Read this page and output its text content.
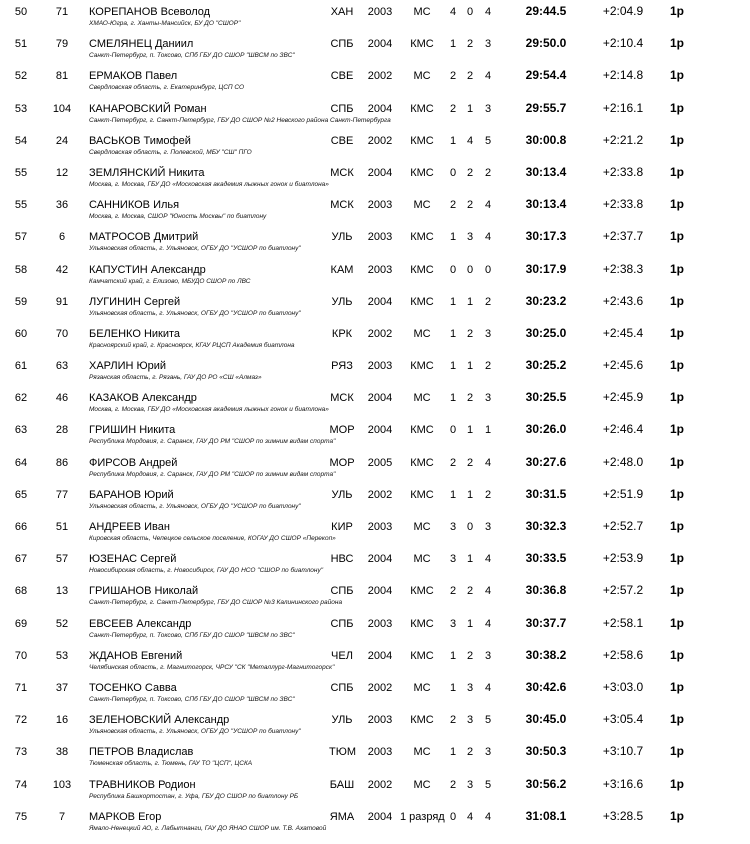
50	71	КОРЕПАНОВ Всеволод	ХАН 2003	МС	4 0 4	29:44.5	+2:04.9	1р
ХМАО-Югра, г. Ханты-Мансийск, БУ ДО "СШОР"
51	79	СМЕЛЯНЕЦ Даниил	СПБ 2004	КМС	1 2 3	29:50.0	+2:10.4	1р
Санкт-Петербург, п. Токсово, СПб ГБУ ДО СШОР "ШВСМ по ЗВС"
52	81	ЕРМАКОВ Павел	СВЕ 2002	МС	2 2 4	29:54.4	+2:14.8	1р
Свердловская область, г. Екатеринбург, ЦСП СО
53	104	КАНАРОВСКИЙ Роман	СПБ 2004	КМС	2 1 3	29:55.7	+2:16.1	1р
Санкт-Петербург, г. Санкт-Петербург, ГБУ ДО СШОР №2 Невского района Санкт-Петербурга
54	24	ВАСЬКОВ Тимофей	СВЕ 2002	КМС	1 4 5	30:00.8	+2:21.2	1р
Свердловская область, г. Полевской, МБУ "СШ" ПГО
55	12	ЗЕМЛЯНСКИЙ Никита	МСК 2004	КМС	0 2 2	30:13.4	+2:33.8	1р
Москва, г. Москва, ГБУ ДО «Московская академия лыжных гонок и биатлона»
55	36	САННИКОВ Илья	МСК 2003	МС	2 2 4	30:13.4	+2:33.8	1р
Москва, г. Москва, СШОР "Юность Москвы" по биатлону
57	6	МАТРОСОВ Дмитрий	УЛЬ 2003	КМС	1 3 4	30:17.3	+2:37.7	1р
Ульяновская область, г. Ульяновск, ОГБУ ДО "УСШОР по биатлону"
58	42	КАПУСТИН Александр	КАМ 2003	КМС	0 0 0	30:17.9	+2:38.3	1р
Камчатский край, г. Елизово, МБУДО СШОР по ЛВС
59	91	ЛУГИНИН Сергей	УЛЬ 2004	КМС	1 1 2	30:23.2	+2:43.6	1р
Ульяновская область, г. Ульяновск, ОГБУ ДО "УСШОР по биатлону"
60	70	БЕЛЕНКО Никита	КРК 2002	МС	1 2 3	30:25.0	+2:45.4	1р
Красноярский край, г. Красноярск, КГАУ РЦСП Академия биатлона
61	63	ХАРЛИН Юрий	РЯЗ 2003	КМС	1 1 2	30:25.2	+2:45.6	1р
Рязанская область, г. Рязань, ГАУ ДО РО «СШ «Алмаз»
62	46	КАЗАКОВ Александр	МСК 2004	МС	1 2 3	30:25.5	+2:45.9	1р
Москва, г. Москва, ГБУ ДО «Московская академия лыжных гонок и биатлона»
63	28	ГРИШИН Никита	МОР 2004	КМС	0 1 1	30:26.0	+2:46.4	1р
Республика Мордовия, г. Саранск, ГАУ ДО РМ "СШОР по зимним видам спорта"
64	86	ФИРСОВ Андрей	МОР 2005	КМС	2 2 4	30:27.6	+2:48.0	1р
Республика Мордовия, г. Саранск, ГАУ ДО РМ "СШОР по зимним видам спорта"
65	77	БАРАНОВ Юрий	УЛЬ 2002	КМС	1 1 2	30:31.5	+2:51.9	1р
Ульяновская область, г. Ульяновск, ОГБУ ДО "УСШОР по биатлону"
66	51	АНДРЕЕВ Иван	КИР 2003	МС	3 0 3	30:32.3	+2:52.7	1р
Кировская область, Чепецкое сельское поселение, КОГАУ ДО СШОР «Перекоп»
67	57	ЮЗЕНАС Сергей	НВС 2004	МС	3 1 4	30:33.5	+2:53.9	1р
Новосибирская область, г. Новосибирск, ГАУ ДО НСО "СШОР по биатлону"
68	13	ГРИШАНОВ Николай	СПБ 2004	КМС	2 2 4	30:36.8	+2:57.2	1р
Санкт-Петербург, г. Санкт-Петербург, ГБУ ДО СШОР №3 Калининского района
69	52	ЕВСЕЕВ Александр	СПБ 2003	КМС	3 1 4	30:37.7	+2:58.1	1р
Санкт-Петербург, п. Токсово, СПб ГБУ ДО СШОР "ШВСМ по ЗВС"
70	53	ЖДАНОВ Евгений	ЧЕЛ 2004	КМС	1 2 3	30:38.2	+2:58.6	1р
Челябинская область, г. Магнитогорск, ЧРСУ "СК "Металлург-Магнитогорск"
71	37	ТОСЕНКО Савва	СПБ 2002	МС	1 3 4	30:42.6	+3:03.0	1р
Санкт-Петербург, п. Токсово, СПб ГБУ ДО СШОР "ШВСМ по ЗВС"
72	16	ЗЕЛЕНОВСКИЙ Александр	УЛЬ 2003	КМС	2 3 5	30:45.0	+3:05.4	1р
Ульяновская область, г. Ульяновск, ОГБУ ДО "УСШОР по биатлону"
73	38	ПЕТРОВ Владислав	ТЮМ 2003	МС	1 2 3	30:50.3	+3:10.7	1р
Тюменская область, г. Тюмень, ГАУ ТО "ЦСП", ЦСКА
74	103	ТРАВНИКОВ Родион	БАШ 2002	МС	2 3 5	30:56.2	+3:16.6	1р
Республика Башкортостан, г. Уфа, ГБУ ДО СШОР по биатлону РБ
75	7	МАРКОВ Егор	ЯМА 2004 1 разряд 0 4 4	31:08.1	+3:28.5	1р
Ямало-Ненецкий АО, г. Лабытнанги, ГАУ ДО ЯНАО СШОР им. Т.В. Ахатовой
